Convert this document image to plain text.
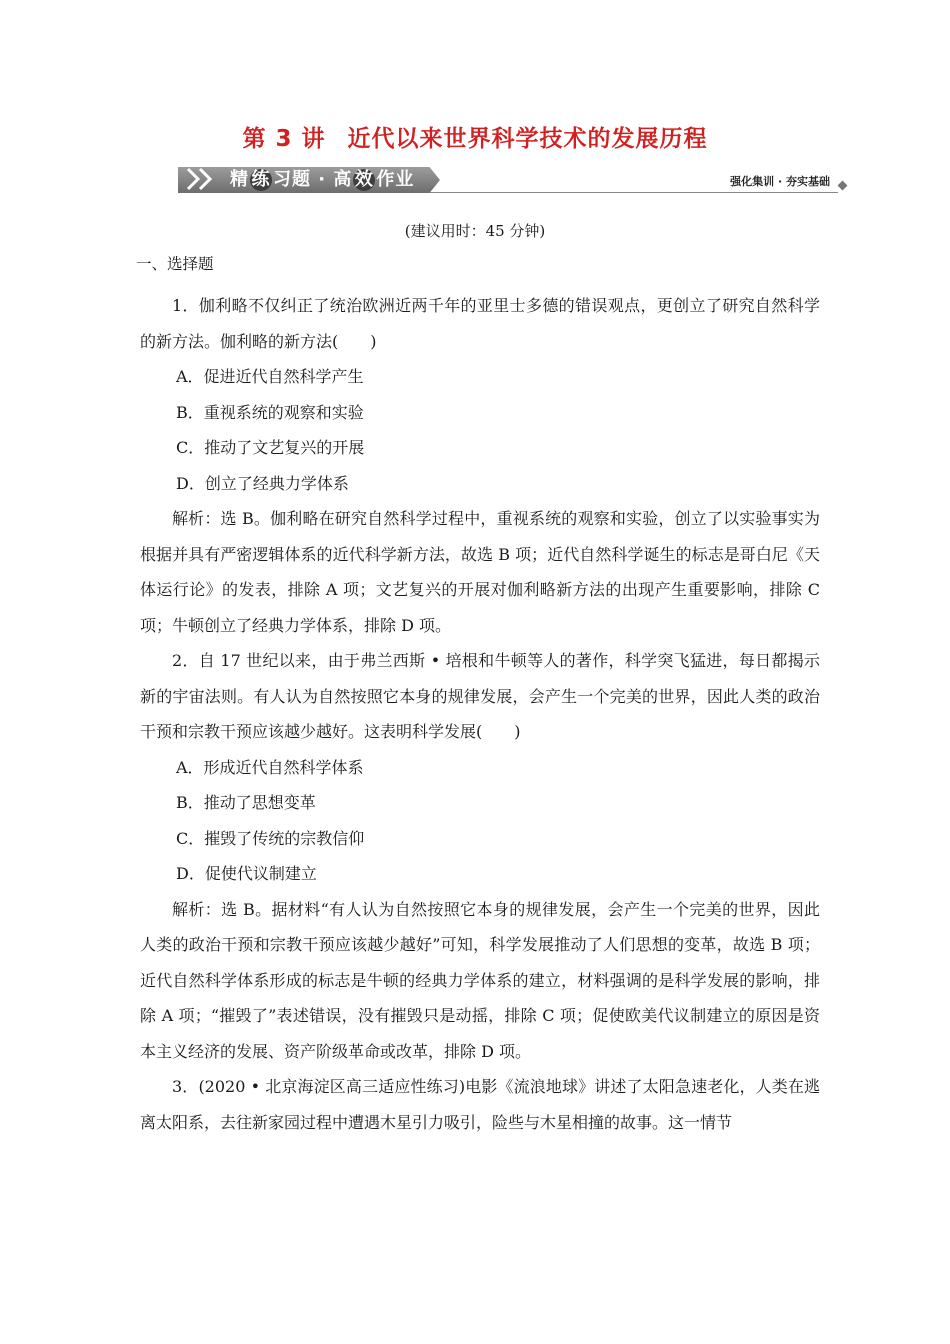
第 3 讲 近代以来世界科学技术的发展历程
精 练 习题 · 高 效 作业	强化集训 · 夯实基础
(建议用时：45 分钟)
一、选择题

1．伽利略不仅纠正了统治欧洲近两千年的亚里士多德的错误观点，更创立了研究自然科学的新方法。伽利略的新方法(　　)

A．促进近代自然科学产生

B．重视系统的观察和实验

C．推动了文艺复兴的开展

D．创立了经典力学体系

解析：选 B。伽利略在研究自然科学过程中，重视系统的观察和实验，创立了以实验事实为根据并具有严密逻辑体系的近代科学新方法，故选 B 项；近代自然科学诞生的标志是哥白尼《天体运行论》的发表，排除 A 项；文艺复兴的开展对伽利略新方法的出现产生重要影响，排除 C 项；牛顿创立了经典力学体系，排除 D 项。

2．自 17 世纪以来，由于弗兰西斯 • 培根和牛顿等人的著作，科学突飞猛进，每日都揭示新的宇宙法则。有人认为自然按照它本身的规律发展，会产生一个完美的世界，因此人类的政治干预和宗教干预应该越少越好。这表明科学发展(　　)

A．形成近代自然科学体系

B．推动了思想变革

C．摧毁了传统的宗教信仰

D．促使代议制建立

解析：选 B。据材料“有人认为自然按照它本身的规律发展，会产生一个完美的世界，因此人类的政治干预和宗教干预应该越少越好”可知，科学发展推动了人们思想的变革，故选 B 项；近代自然科学体系形成的标志是牛顿的经典力学体系的建立，材料强调的是科学发展的影响，排除 A 项；“摧毁了”表述错误，没有摧毁只是动摇，排除 C 项；促使欧美代议制建立的原因是资本主义经济的发展、资产阶级革命或改革，排除 D 项。

3．(2020 • 北京海淀区高三适应性练习)电影《流浪地球》讲述了太阳急速老化，人类在逃离太阳系，去往新家园过程中遭遇木星引力吸引，险些与木星相撞的故事。这一情节
